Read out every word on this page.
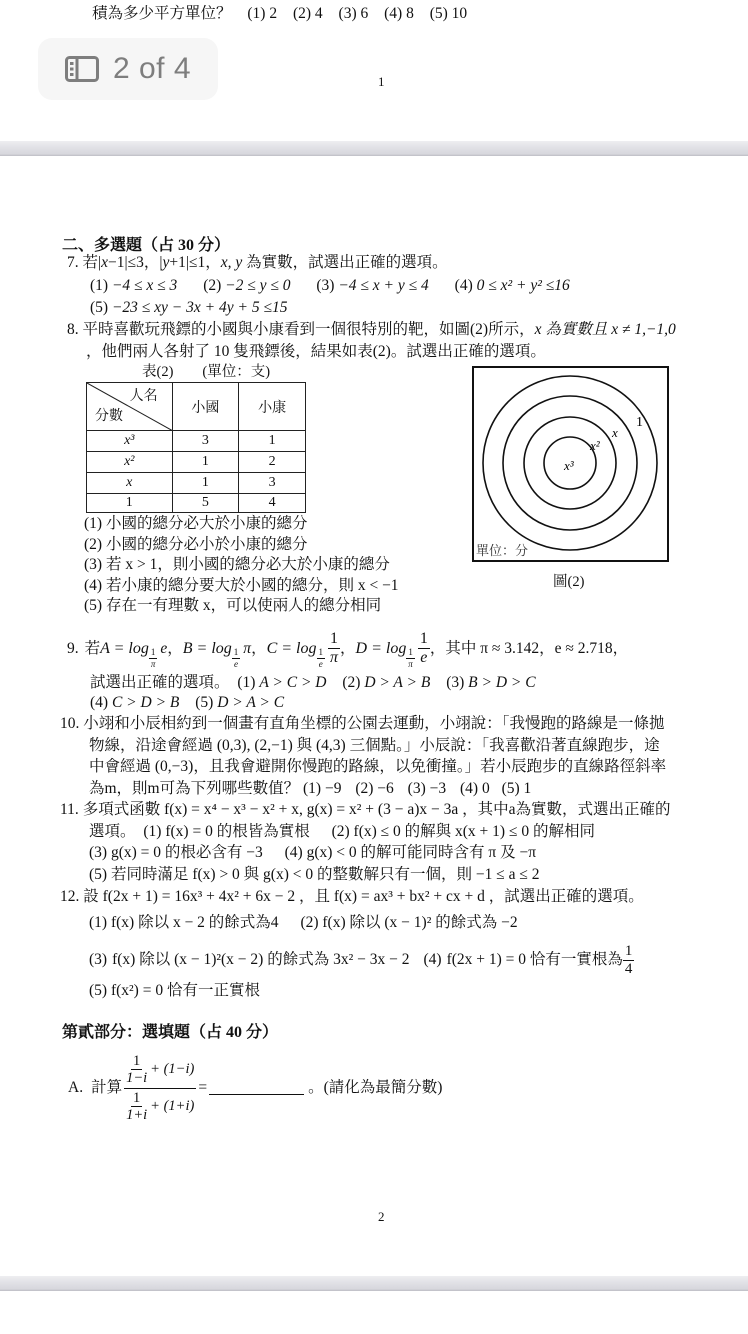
積為多少平方單位？ (1) 2 (2) 4 (3) 6 (4) 8 (5) 10
2 of 4	1
二、多選題（占 30 分）
7. 若|x−1|≤3，|y+1|≤1，x, y 為實數，試選出正確的選項。
(1) −4 ≤ x ≤ 3 (2) −2 ≤ y ≤ 0 (3) −4 ≤ x + y ≤ 4 (4) 0 ≤ x² + y² ≤16
(5) −23 ≤ xy − 3x + 4y + 5 ≤15
8. 平時喜歡玩飛鏢的小國與小康看到一個很特別的靶，如圖(2)所示，x 為實數且 x ≠ 1,−1,0
，他們兩人各射了 10 隻飛鏢後，結果如表(2)。試選出正確的選項。
表(2)　　(單位：支)
人名
分數	小國	小康
x³	3	1
x²	1	2
x	1	3
1	5	4
(1) 小國的總分必大於小康的總分
(2) 小國的總分必小於小康的總分
(3) 若 x > 1，則小國的總分必大於小康的總分
(4) 若小康的總分要大於小國的總分，則 x < −1
(5) 存在一有理數 x，可以使兩人的總分相同
x³
x²
x
1
單位：分
圖(2)
9. 若 $A = \log \frac{1}{\pi}$ e ， $B = \log \frac{1}{e}$ π ， $C = \log \frac{1}{e} \frac{1}{\pi}$ ， $D = \log \frac{1}{\pi} \frac{1}{e}$ ， 其中 π ≈ 3.142，e ≈ 2.718，
試選出正確的選項。 (1) A > C > D (2) D > A > B (3) B > D > C
(4) C > D > B (5) D > A > C
10. 小翊和小辰相約到一個畫有直角坐標的公園去運動，小翊說：「我慢跑的路線是一條拋
物線，沿途會經過 (0,3), (2,−1) 與 (4,3) 三個點。」小辰說：「我喜歡沿著直線跑步，途
中會經過 (0,−3)，且我會避開你慢跑的路線，以免衝撞。」若小辰跑步的直線路徑斜率
為m，則m可為下列哪些數值？ (1) −9 (2) −6 (3) −3 (4) 0 (5) 1
11. 多項式函數 f(x) = x⁴ − x³ − x² + x, g(x) = x² + (3 − a)x − 3a ，其中a為實數，式選出正確的
選項。 (1) f(x) = 0 的根皆為實根 (2) f(x) ≤ 0 的解與 x(x + 1) ≤ 0 的解相同
(3) g(x) = 0 的根必含有 −3 (4) g(x) < 0 的解可能同時含有 π 及 −π
(5) 若同時滿足 f(x) > 0 與 g(x) < 0 的整數解只有一個，則 −1 ≤ a ≤ 2
12. 設 f(2x + 1) = 16x³ + 4x² + 6x − 2 ，且 f(x) = ax³ + bx² + cx + d ，試選出正確的選項。
(1) f(x) 除以 x − 2 的餘式為4 (2) f(x) 除以 (x − 1)² 的餘式為 −2
(3) f(x) 除以 (x − 1)²(x − 2) 的餘式為 3x² − 3x − 2 (4) f(2x + 1) = 0 恰有一實根為 $\frac{1}{4}$
(5) f(x²) = 0 恰有一正實根
第貳部分：選填題（占 40 分）
A. 計算 $\frac{\frac{1}{1-i} + (1-i)}{\frac{1}{1+i} + (1+i)}$ =	。(請化為最簡分數)
2
